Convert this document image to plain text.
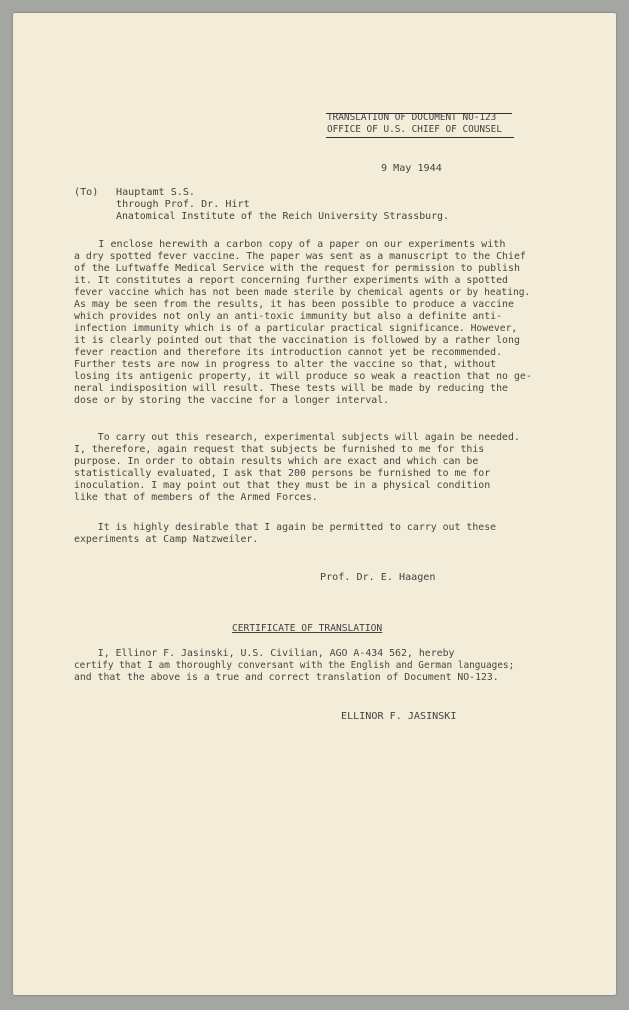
TRANSLATION OF DOCUMENT NO-123
OFFICE OF U.S. CHIEF OF COUNSEL
9 May 1944
(To) Hauptamt S.S.
through Prof. Dr. Hirt
Anatomical Institute of the Reich University Strassburg.
I enclose herewith a carbon copy of a paper on our experiments with
a dry spotted fever vaccine. The paper was sent as a manuscript to the Chief
of the Luftwaffe Medical Service with the request for permission to publish
it. It constitutes a report concerning further experiments with a spotted
fever vaccine which has not been made sterile by chemical agents or by heating.
As may be seen from the results, it has been possible to produce a vaccine
which provides not only an anti-toxic immunity but also a definite anti-
infection immunity which is of a particular practical significance. However,
it is clearly pointed out that the vaccination is followed by a rather long
fever reaction and therefore its introduction cannot yet be recommended.
Further tests are now in progress to alter the vaccine so that, without
losing its antigenic property, it will produce so weak a reaction that no ge-
neral indisposition will result. These tests will be made by reducing the
dose or by storing the vaccine for a longer interval.
To carry out this research, experimental subjects will again be needed.
I, therefore, again request that subjects be furnished to me for this
purpose. In order to obtain results which are exact and which can be
statistically evaluated, I ask that 200 persons be furnished to me for
inoculation. I may point out that they must be in a physical condition
like that of members of the Armed Forces.
It is highly desirable that I again be permitted to carry out these
experiments at Camp Natzweiler.
Prof. Dr. E. Haagen
CERTIFICATE OF TRANSLATION
I, Ellinor F. Jasinski, U.S. Civilian, AGO A-434 562, hereby
certify that I am thoroughly conversant with the English and German languages;
and that the above is a true and correct translation of Document NO-123.
ELLINOR F. JASINSKI
